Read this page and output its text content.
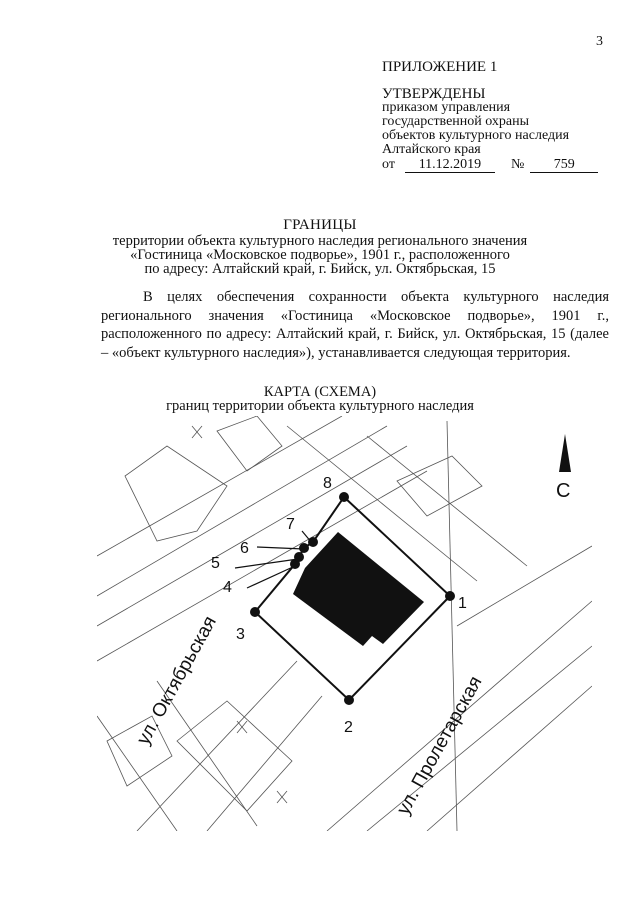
3
ПРИЛОЖЕНИЕ 1
УТВЕРЖДЕНЫ
приказом управления
государственной охраны
объектов культурного наследия
Алтайского края
от 11.12.2019 № 759
ГРАНИЦЫ
территории объекта культурного наследия регионального значения
«Гостиница «Московское подворье», 1901 г., расположенного
по адресу: Алтайский край, г. Бийск, ул. Октябрьская, 15
В целях обеспечения сохранности объекта культурного наследия регионального значения «Гостиница «Московское подворье», 1901 г., расположенного по адресу: Алтайский край, г. Бийск, ул. Октябрьская, 15 (далее – «объект культурного наследия»), устанавливается следующая территория.
КАРТА (СХЕМА)
границ территории объекта культурного наследия
1
2
3
4
5
6
7
8
ул. Октябрьская	ул. Пролетарская
С
